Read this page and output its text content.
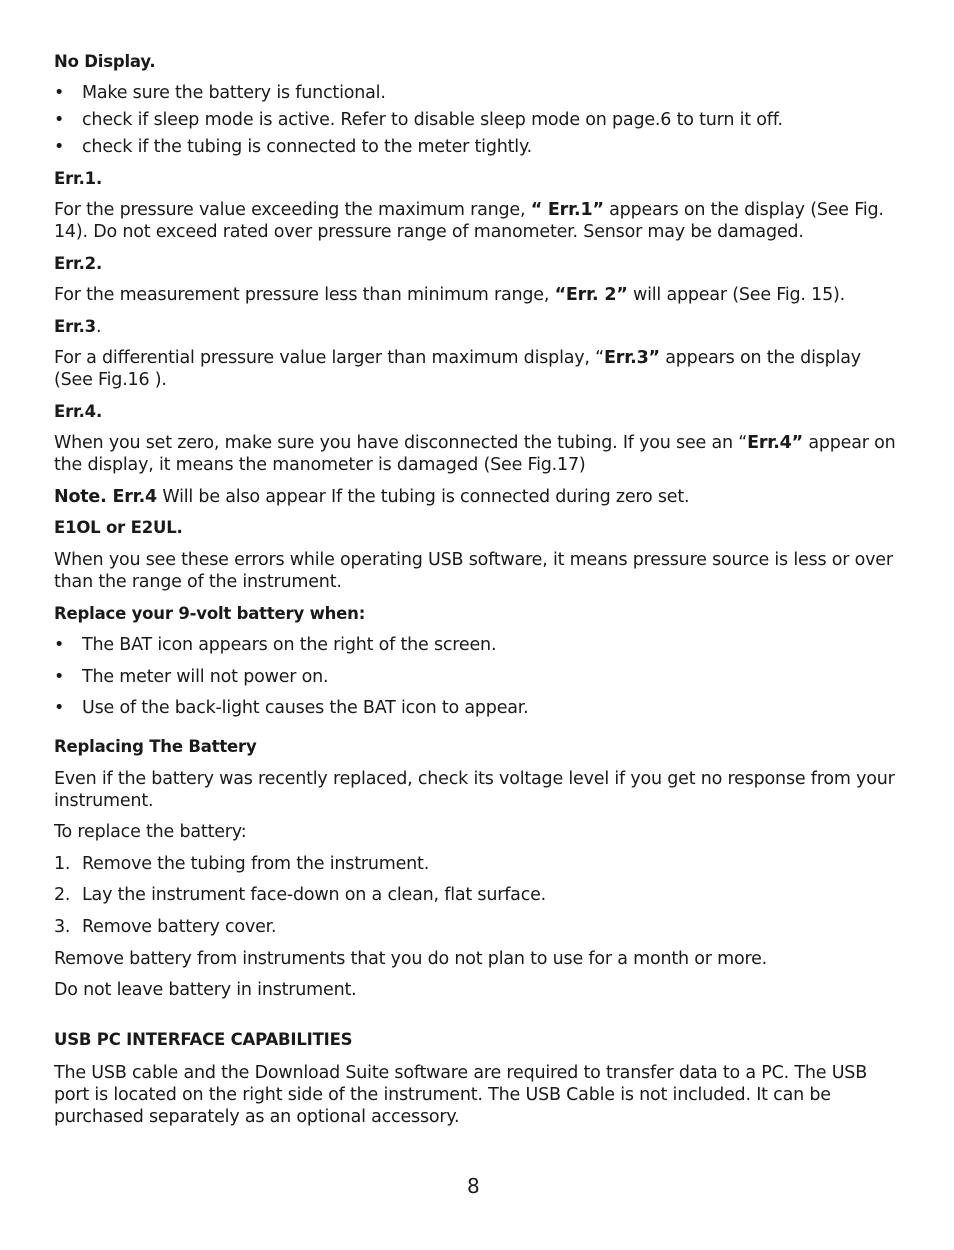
No Display.
•	Make sure the battery is functional.
•	check if sleep mode is active. Refer to disable sleep mode on page.6 to turn it off.
•	check if the tubing is connected to the meter tightly.
Err.1.
For the pressure value exceeding the maximum range, “ Err.1” appears on the display (See Fig. 14). Do not exceed rated over pressure range of manometer. Sensor may be damaged.
Err.2.
For the measurement pressure less than minimum range, “Err. 2” will appear (See Fig. 15).
Err.3.
For a differential pressure value larger than maximum display, “Err.3” appears on the display (See Fig.16 ).
Err.4.
When you set zero, make sure you have disconnected the tubing. If you see an “Err.4” appear on the display, it means the manometer is damaged (See Fig.17)
Note. Err.4 Will be also appear If the tubing is connected during zero set.
E1OL or E2UL.
When you see these errors while operating USB software, it means pressure source is less or over than the range of the instrument.
Replace your 9-volt battery when:
•	The BAT icon appears on the right of the screen.
•	The meter will not power on.
•	Use of the back-light causes the BAT icon to appear.
Replacing The Battery
Even if the battery was recently replaced, check its voltage level if you get no response from your instrument.
To replace the battery:
1. Remove the tubing from the instrument.
2. Lay the instrument face-down on a clean, flat surface.
3. Remove battery cover.
Remove battery from instruments that you do not plan to use for a month or more.
Do not leave battery in instrument.
USB PC INTERFACE CAPABILITIES
The USB cable and the Download Suite software are required to transfer data to a PC. The USB port is located on the right side of the instrument. The USB Cable is not included. It can be purchased separately as an optional accessory.
8
